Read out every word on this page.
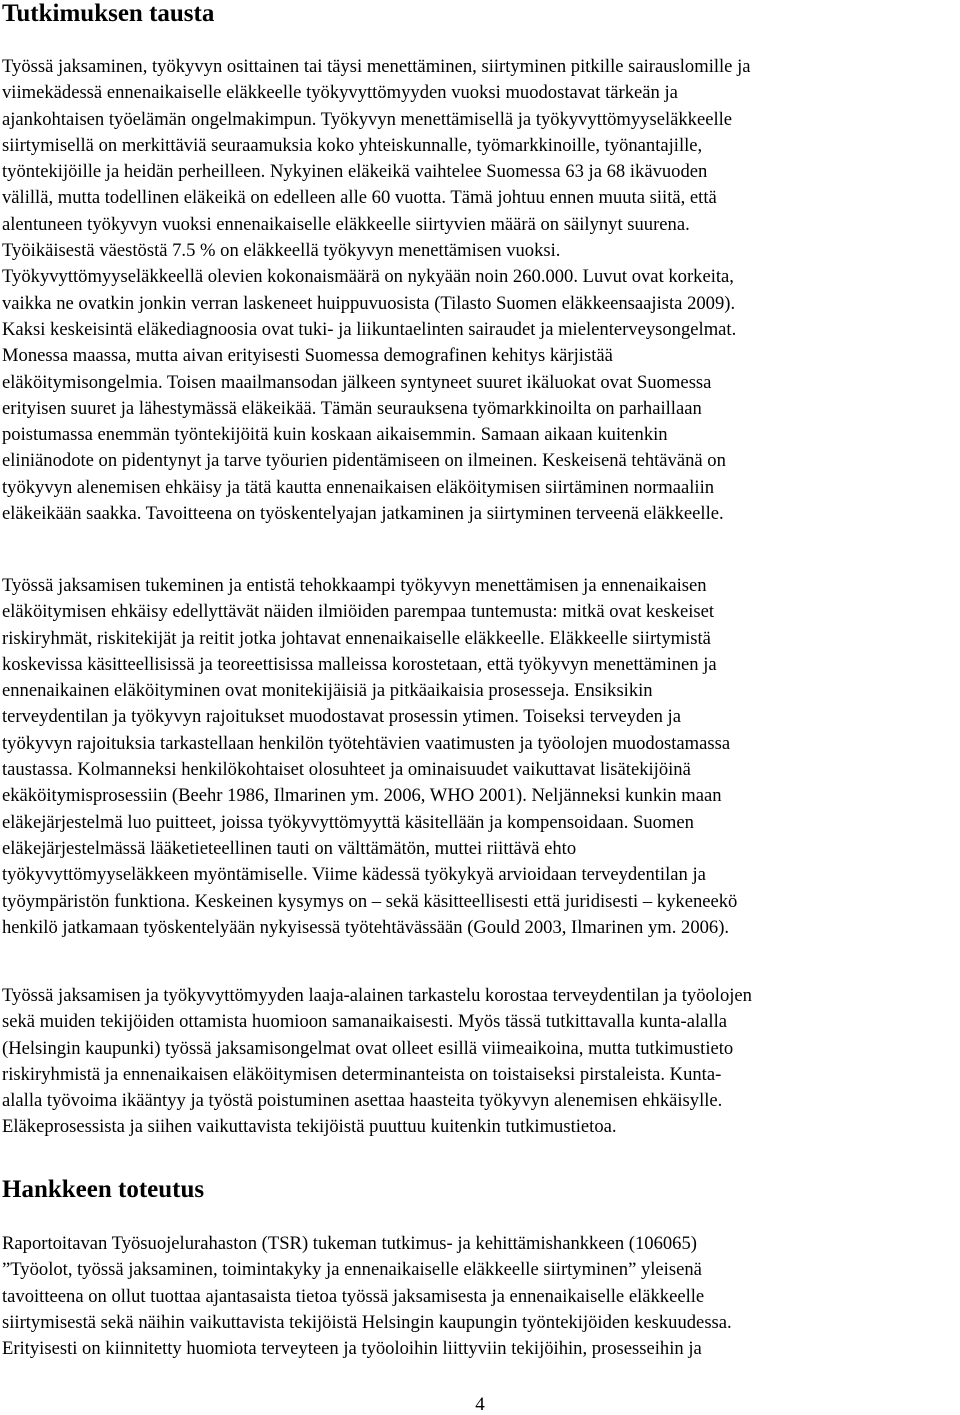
Tutkimuksen tausta
Työssä jaksaminen, työkyvyn osittainen tai täysi menettäminen, siirtyminen pitkille sairauslomille ja
viimekädessä ennenaikaiselle eläkkeelle työkyvyttömyyden vuoksi muodostavat tärkeän ja
ajankohtaisen työelämän ongelmakimpun. Työkyvyn menettämisellä ja työkyvyttömyyseläkkeelle
siirtymisellä on merkittäviä seuraamuksia koko yhteiskunnalle, työmarkkinoille, työnantajille,
työntekijöille ja heidän perheilleen. Nykyinen eläkeikä vaihtelee Suomessa 63 ja 68 ikävuoden
välillä, mutta todellinen eläkeikä on edelleen alle 60 vuotta. Tämä johtuu ennen muuta siitä, että
alentuneen työkyvyn vuoksi ennenaikaiselle eläkkeelle siirtyvien määrä on säilynyt suurena.
Työikäisestä väestöstä 7.5 % on eläkkeellä työkyvyn menettämisen vuoksi.
Työkyvyttömyyseläkkeellä olevien kokonaismäärä on nykyään noin 260.000. Luvut ovat korkeita,
vaikka ne ovatkin jonkin verran laskeneet huippuvuosista (Tilasto Suomen eläkkeensaajista 2009).
Kaksi keskeisintä eläkediagnoosia ovat tuki- ja liikuntaelinten sairaudet ja mielenterveysongelmat.
Monessa maassa, mutta aivan erityisesti Suomessa demografinen kehitys kärjistää
eläköitymisongelmia. Toisen maailmansodan jälkeen syntyneet suuret ikäluokat ovat Suomessa
erityisen suuret ja lähestymässä eläkeikää. Tämän seurauksena työmarkkinoilta on parhaillaan
poistumassa enemmän työntekijöitä kuin koskaan aikaisemmin. Samaan aikaan kuitenkin
eliniänodote on pidentynyt ja tarve työurien pidentämiseen on ilmeinen. Keskeisenä tehtävänä on
työkyvyn alenemisen ehkäisy ja tätä kautta ennenaikaisen eläköitymisen siirtäminen normaaliin
eläkeikään saakka. Tavoitteena on työskentelyajan jatkaminen ja siirtyminen terveenä eläkkeelle.
Työssä jaksamisen tukeminen ja entistä tehokkaampi työkyvyn menettämisen ja ennenaikaisen
eläköitymisen ehkäisy edellyttävät näiden ilmiöiden parempaa tuntemusta: mitkä ovat keskeiset
riskiryhmät, riskitekijät ja reitit jotka johtavat ennenaikaiselle eläkkeelle. Eläkkeelle siirtymistä
koskevissa käsitteellisissä ja teoreettisissa malleissa korostetaan, että työkyvyn menettäminen ja
ennenaikainen eläköityminen ovat monitekijäisiä ja pitkäaikaisia prosesseja. Ensiksikin
terveydentilan ja työkyvyn rajoitukset muodostavat prosessin ytimen. Toiseksi terveyden ja
työkyvyn rajoituksia tarkastellaan henkilön työtehtävien vaatimusten ja työolojen muodostamassa
taustassa. Kolmanneksi henkilökohtaiset olosuhteet ja ominaisuudet vaikuttavat lisätekijöinä
ekäköitymisprosessiin (Beehr 1986, Ilmarinen ym. 2006, WHO 2001). Neljänneksi kunkin maan
eläkejärjestelmä luo puitteet, joissa työkyvyttömyyttä käsitellään ja kompensoidaan. Suomen
eläkejärjestelmässä lääketieteellinen tauti on välttämätön, muttei riittävä ehto
työkyvyttömyyseläkkeen myöntämiselle. Viime kädessä työkykyä arvioidaan terveydentilan ja
työympäristön funktiona. Keskeinen kysymys on – sekä käsitteellisesti että juridisesti – kykeneekö
henkilö jatkamaan työskentelyään nykyisessä työtehtävässään (Gould 2003, Ilmarinen ym. 2006).
Työssä jaksamisen ja työkyvyttömyyden laaja-alainen tarkastelu korostaa terveydentilan ja työolojen
sekä muiden tekijöiden ottamista huomioon samanaikaisesti. Myös tässä tutkittavalla kunta-alalla
(Helsingin kaupunki) työssä jaksamisongelmat ovat olleet esillä viimeaikoina, mutta tutkimustieto
riskiryhmistä ja ennenaikaisen eläköitymisen determinanteista on toistaiseksi pirstaleista. Kunta-
alalla työvoima ikääntyy ja työstä poistuminen asettaa haasteita työkyvyn alenemisen ehkäisylle.
Eläkeprosessista ja siihen vaikuttavista tekijöistä puuttuu kuitenkin tutkimustietoa.
Hankkeen toteutus
Raportoitavan Työsuojelurahaston (TSR) tukeman tutkimus- ja kehittämishankkeen (106065)
”Työolot, työssä jaksaminen, toimintakyky ja ennenaikaiselle eläkkeelle siirtyminen” yleisenä
tavoitteena on ollut tuottaa ajantasaista tietoa työssä jaksamisesta ja ennenaikaiselle eläkkeelle
siirtymisestä sekä näihin vaikuttavista tekijöistä Helsingin kaupungin työntekijöiden keskuudessa.
Erityisesti on kiinnitetty huomiota terveyteen ja työoloihin liittyviin tekijöihin, prosesseihin ja
4
